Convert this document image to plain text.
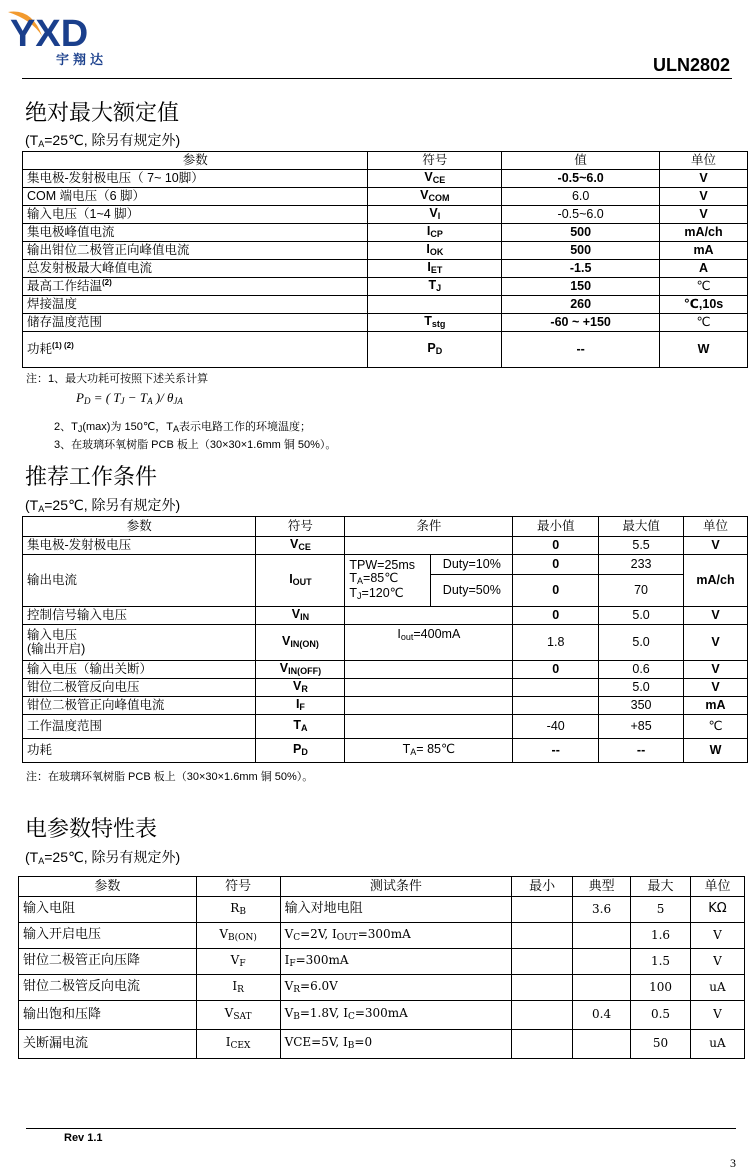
YXD
宇翔达	ULN2802
绝对最大额定值
($T_A=25℃$, 除另有规定外)
参数	符号	值	单位
集电极-发射极电压（ 7~ 10脚）	$V_{CE}$	-0.5~6.0	V
COM 端电压（6 脚）	$V_{COM}$	6.0	V
输入电压（1~4 脚）	$V_I$	-0.5~6.0	V
集电极峰值电流	$I_{CP}$	500	mA/ch
输出钳位二极管正向峰值电流	$I_{OK}$	500	mA
总发射极最大峰值电流	$I_{ET}$	-1.5	A
最高工作结温$^{(2)}$	$T_J$	150	℃
焊接温度		260	℃,10s
储存温度范围	$T_{stg}$	-60 ~ +150	℃
功耗$^{(1) (2)}$	$P_D$	--	W
注：1、最大功耗可按照下述关系计算
$P_D$ = ( $T_J - T_A$ )/ $\theta_{JA}$
2、$T_J(\max)$为 150℃，$T_A$表示电路工作的环境温度；
3、在玻璃环氧树脂 PCB 板上（30×30×1.6mm 铜 50%）。
推荐工作条件
($T_A=25℃$, 除另有规定外)
参数	符号	条件		最小值	最大值	单位
集电极-发射极电压	$V_{CE}$			0	5.5	V
输出电流	$I_{OUT}$	TPW=25ms
$T_A=85℃$
$T_J=120℃$	Duty=10%	0	233	mA/ch
			Duty=50%	0	70	
控制信号输入电压	$V_{IN}$			0	5.0	V

输入电压
(输出开启)	$V_{IN(ON)}$	$I_{out}=400mA$		1.8	5.0	V
输入电压（输出关断）	$V_{IN(OFF)}$			0	0.6	V
钳位二极管反向电压	$V_R$				5.0	V
钳位二极管正向峰值电流	$I_F$				350	mA
工作温度范围	$T_A$			-40	+85	℃
功耗	$P_D$	$T_A=$ 85℃		--	--	W
注：在玻璃环氧树脂 PCB 板上（30×30×1.6mm 铜 50%）。
电参数特性表
($T_A=25℃$, 除另有规定外)
参数	符号	测试条件	最小	典型	最大	单位
输入电阻	$R_B$	输入对地电阻		3.6	5	KΩ
输入开启电压	$V_{B(ON)}$	$V_C=2V$, $I_{OUT}=300mA$			1.6	V
钳位二极管正向压降	$V_F$	$I_F=300mA$			1.5	V
钳位二极管反向电流	$I_R$	$V_R=6.0V$			100	uA
输出饱和压降	$V_{SAT}$	$V_B=1.8V$, $I_C=300mA$		0.4	0.5	V
关断漏电流	$I_{CEX}$	VCE=5V, $I_B=0$			50	uA
Rev 1.1
3
